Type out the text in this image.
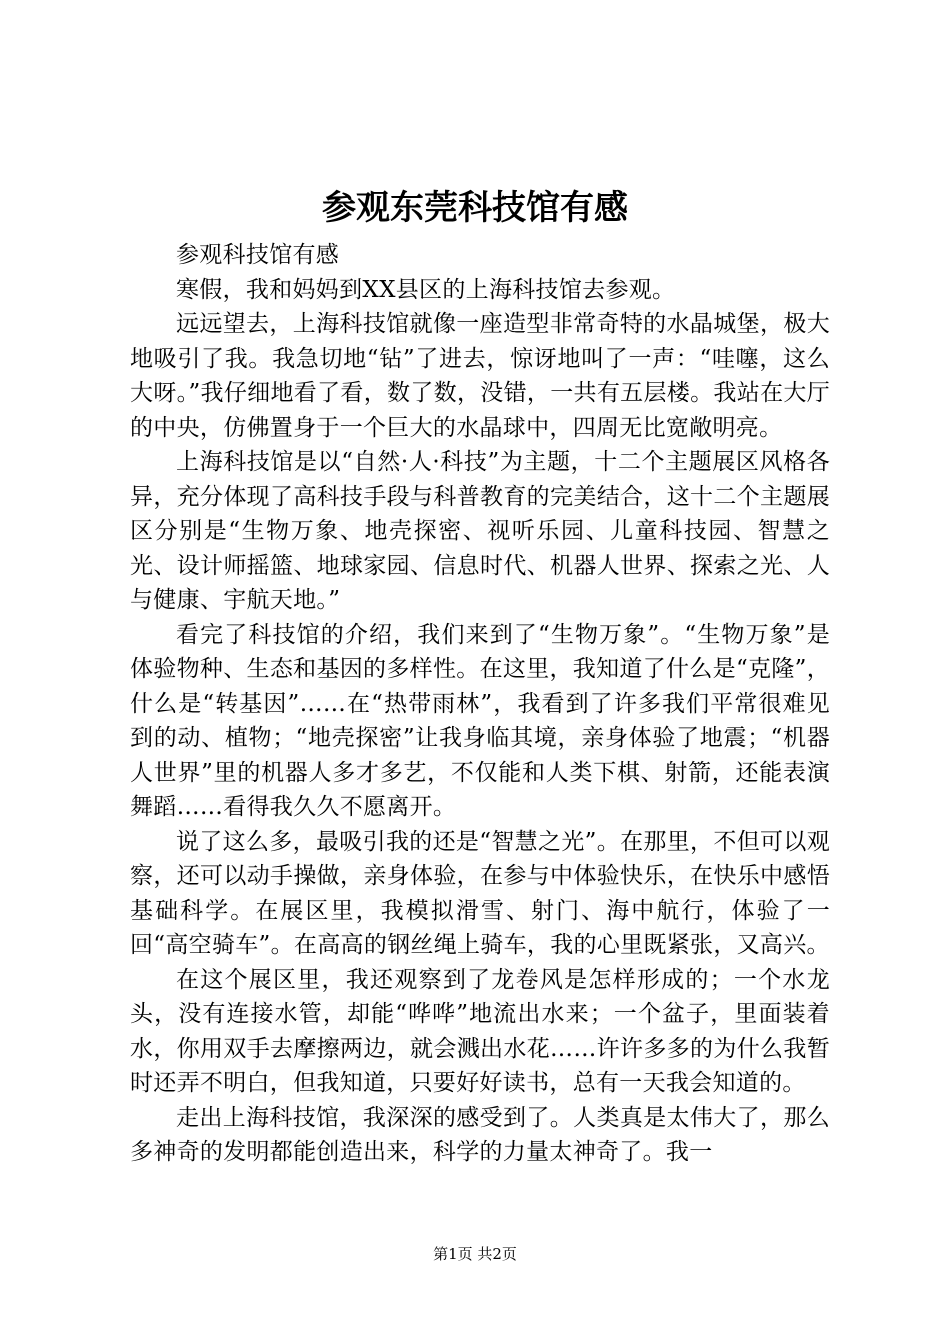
参观东莞科技馆有感

参观科技馆有感

寒假，我和妈妈到XX县区的上海科技馆去参观。

远远望去，上海科技馆就像一座造型非常奇特的水晶城堡，极大地吸引了我。我急切地“钻”了进去，惊讶地叫了一声：“哇噻，这么大呀。”我仔细地看了看，数了数，没错，一共有五层楼。我站在大厅的中央，仿佛置身于一个巨大的水晶球中，四周无比宽敞明亮。

上海科技馆是以“自然·人·科技”为主题，十二个主题展区风格各异，充分体现了高科技手段与科普教育的完美结合，这十二个主题展区分别是“生物万象、地壳探密、视听乐园、儿童科技园、智慧之光、设计师摇篮、地球家园、信息时代、机器人世界、探索之光、人与健康、宇航天地。”

看完了科技馆的介绍，我们来到了“生物万象”。“生物万象”是体验物种、生态和基因的多样性。在这里，我知道了什么是“克隆”，什么是“转基因”……在“热带雨林”，我看到了许多我们平常很难见到的动、植物；“地壳探密”让我身临其境，亲身体验了地震；“机器人世界”里的机器人多才多艺，不仅能和人类下棋、射箭，还能表演舞蹈……看得我久久不愿离开。

说了这么多，最吸引我的还是“智慧之光”。在那里，不但可以观察，还可以动手操做，亲身体验，在参与中体验快乐，在快乐中感悟基础科学。在展区里，我模拟滑雪、射门、海中航行，体验了一回“高空骑车”。在高高的钢丝绳上骑车，我的心里既紧张，又高兴。

在这个展区里，我还观察到了龙卷风是怎样形成的；一个水龙头，没有连接水管，却能“哗哗”地流出水来；一个盆子，里面装着水，你用双手去摩擦两边，就会溅出水花……许许多多的为什么我暂时还弄不明白，但我知道，只要好好读书，总有一天我会知道的。

走出上海科技馆，我深深的感受到了。人类真是太伟大了，那么多神奇的发明都能创造出来，科学的力量太神奇了。我一

第1页 共2页
